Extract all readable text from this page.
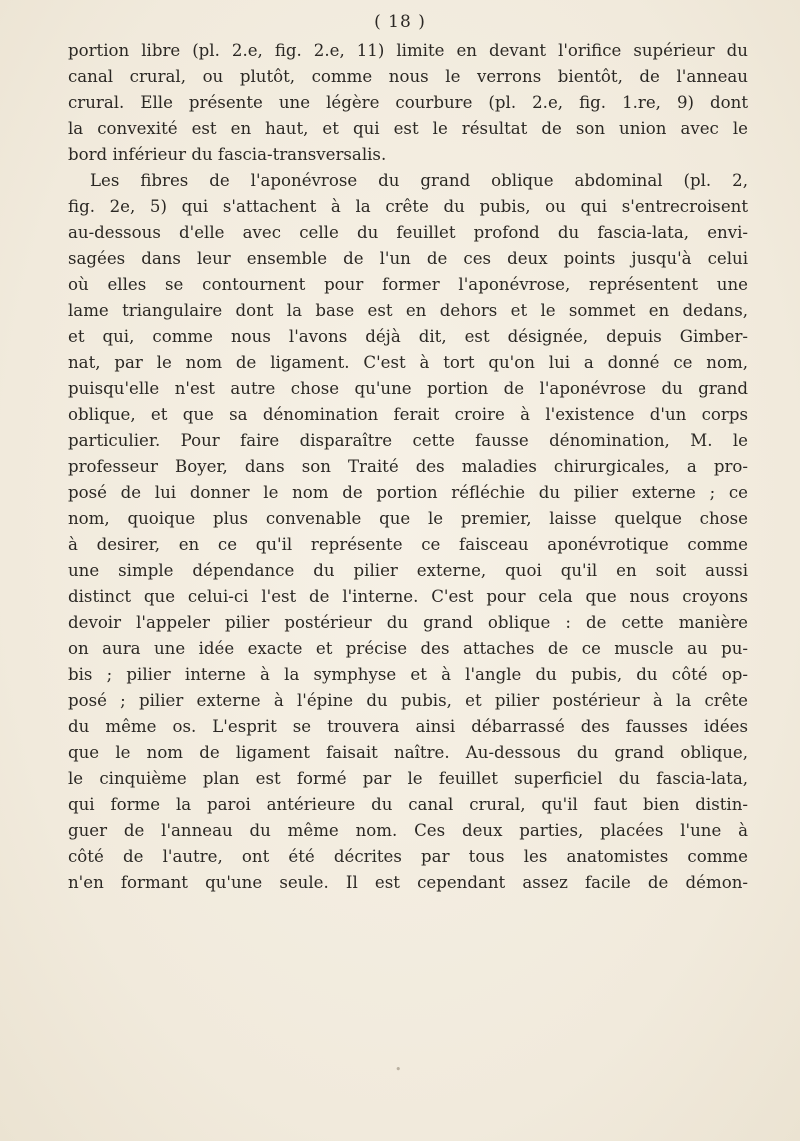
( 18 )
portion libre (pl. 2.e, fig. 2.e, 11) limite en devant l'orifice supérieur du
canal crural, ou plutôt, comme nous le verrons bientôt, de l'anneau
crural. Elle présente une légère courbure (pl. 2.e, fig. 1.re, 9) dont
la convexité est en haut, et qui est le résultat de son union avec le
bord inférieur du fascia-transversalis.
Les fibres de l'aponévrose du grand oblique abdominal (pl. 2,
fig. 2e, 5) qui s'attachent à la crête du pubis, ou qui s'entrecroisent
au-dessous d'elle avec celle du feuillet profond du fascia-lata, envi-
sagées dans leur ensemble de l'un de ces deux points jusqu'à celui
où elles se contournent pour former l'aponévrose, représentent une
lame triangulaire dont la base est en dehors et le sommet en dedans,
et qui, comme nous l'avons déjà dit, est désignée, depuis Gimber-
nat, par le nom de ligament. C'est à tort qu'on lui a donné ce nom,
puisqu'elle n'est autre chose qu'une portion de l'aponévrose du grand
oblique, et que sa dénomination ferait croire à l'existence d'un corps
particulier. Pour faire disparaître cette fausse dénomination, M. le
professeur Boyer, dans son Traité des maladies chirurgicales, a pro-
posé de lui donner le nom de portion réfléchie du pilier externe ; ce
nom, quoique plus convenable que le premier, laisse quelque chose
à desirer, en ce qu'il représente ce faisceau aponévrotique comme
une simple dépendance du pilier externe, quoi qu'il en soit aussi
distinct que celui-ci l'est de l'interne. C'est pour cela que nous croyons
devoir l'appeler pilier postérieur du grand oblique : de cette manière
on aura une idée exacte et précise des attaches de ce muscle au pu-
bis ; pilier interne à la symphyse et à l'angle du pubis, du côté op-
posé ; pilier externe à l'épine du pubis, et pilier postérieur à la crête
du même os. L'esprit se trouvera ainsi débarrassé des fausses idées
que le nom de ligament faisait naître. Au-dessous du grand oblique,
le cinquième plan est formé par le feuillet superficiel du fascia-lata,
qui forme la paroi antérieure du canal crural, qu'il faut bien distin-
guer de l'anneau du même nom. Ces deux parties, placées l'une à
côté de l'autre, ont été décrites par tous les anatomistes comme
n'en formant qu'une seule. Il est cependant assez facile de démon-
•
